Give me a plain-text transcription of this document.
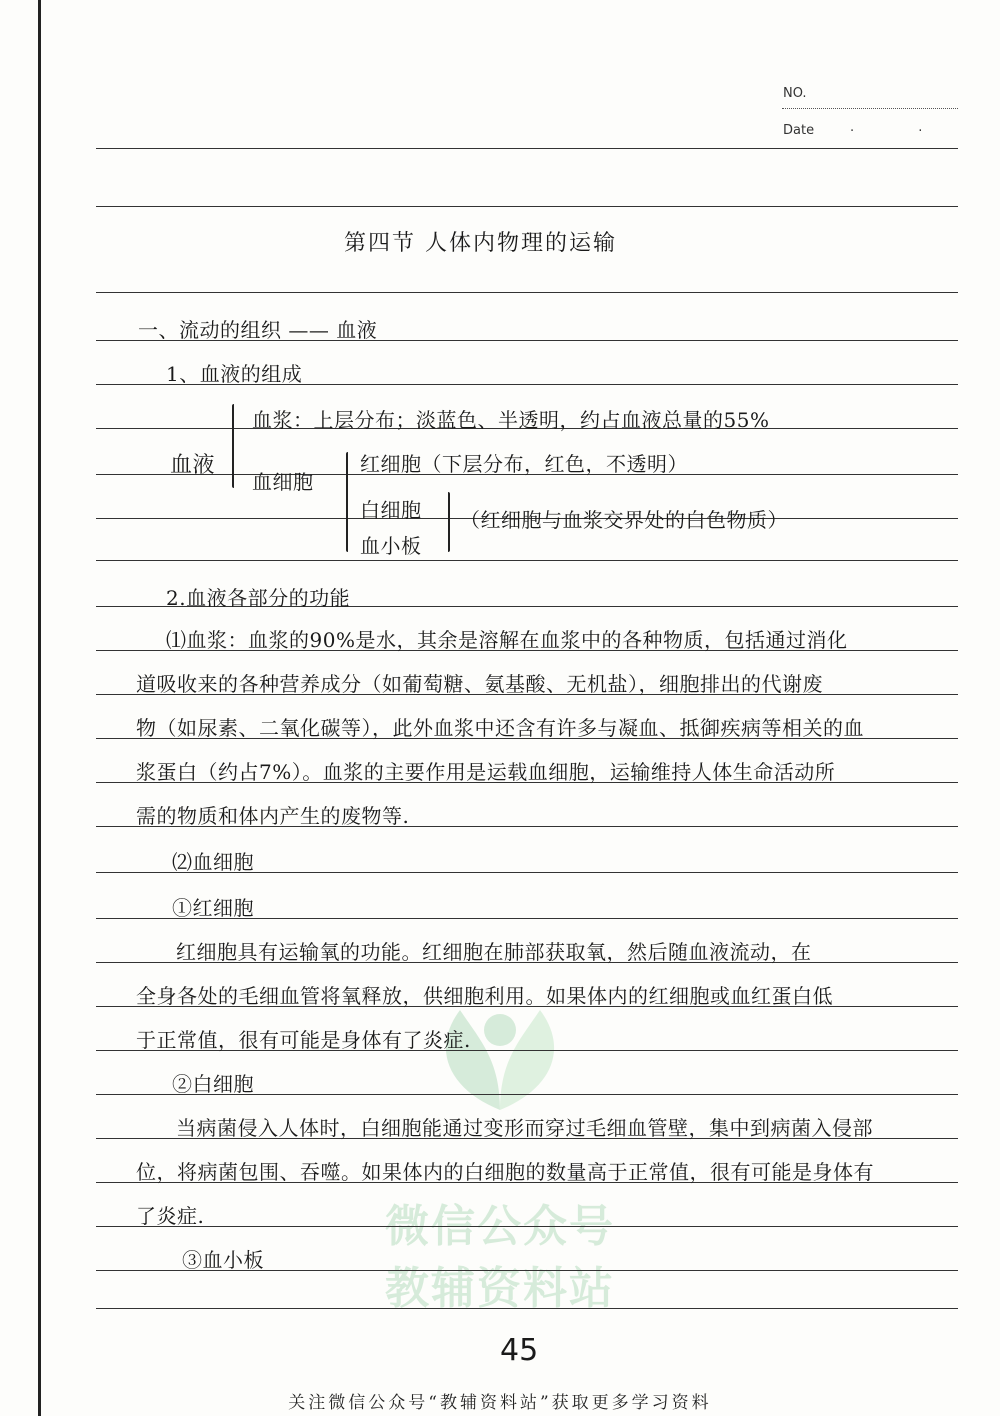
微信公众号
教辅资料站
NO.
Date	. .
第四节 人体内物理的运输
一、流动的组织 —— 血液
1、血液的组成
血液
血浆：上层分布；淡蓝色、半透明，约占血液总量的55%
血细胞
红细胞（下层分布，红色，不透明）
白细胞
血小板
（红细胞与血浆交界处的白色物质）
2.血液各部分的功能
⑴血浆：血浆的90%是水，其余是溶解在血浆中的各种物质，包括通过消化
道吸收来的各种营养成分（如葡萄糖、氨基酸、无机盐），细胞排出的代谢废
物（如尿素、二氧化碳等），此外血浆中还含有许多与凝血、抵御疾病等相关的血
浆蛋白（约占7%）。血浆的主要作用是运载血细胞，运输维持人体生命活动所
需的物质和体内产生的废物等.
⑵血细胞
①红细胞
红细胞具有运输氧的功能。红细胞在肺部获取氧，然后随血液流动，在
全身各处的毛细血管将氧释放，供细胞利用。如果体内的红细胞或血红蛋白低
于正常值，很有可能是身体有了炎症.
②白细胞
当病菌侵入人体时，白细胞能通过变形而穿过毛细血管壁，集中到病菌入侵部
位，将病菌包围、吞噬。如果体内的白细胞的数量高于正常值，很有可能是身体有
了炎症.
③血小板
45
关注微信公众号“教辅资料站”获取更多学习资料
